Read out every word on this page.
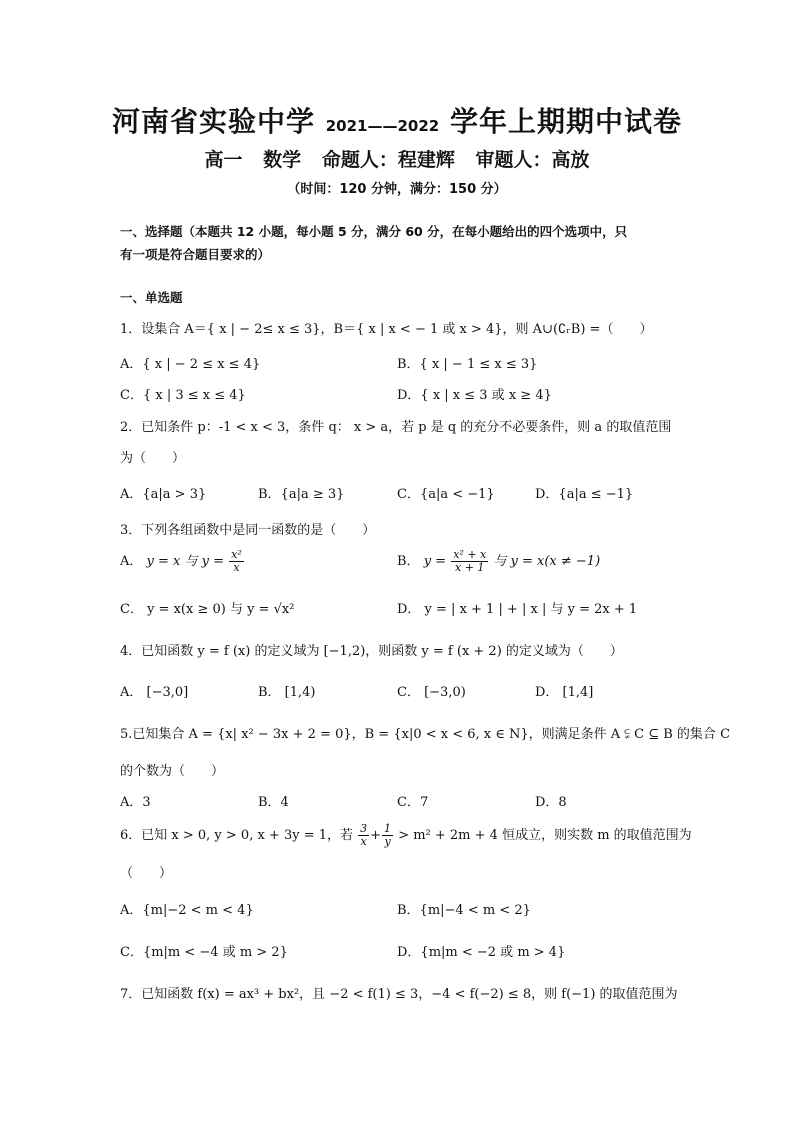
河南省实验中学 2021——2022 学年上期期中试卷
高一 数学 命题人：程建辉 审题人：高放
（时间：120 分钟，满分：150 分）
一、选择题（本题共 12 小题，每小题 5 分，满分 60 分，在每小题给出的四个选项中，只
有一项是符合题目要求的）
一、单选题
1．设集合 A＝{ x | − 2≤ x ≤ 3}，B＝{ x | x < − 1 或 x > 4}，则 A∪(∁ᵣB) =（　　）
A．{ x | − 2 ≤ x ≤ 4}	B．{ x | − 1 ≤ x ≤ 3}
C．{ x | 3 ≤ x ≤ 4}	D．{ x | x ≤ 3 或 x ≥ 4}
2．已知条件 p：-1 < x < 3，条件 q： x > a，若 p 是 q 的充分不必要条件，则 a 的取值范围
为（　　）
A．{a|a > 3}	B．{a|a ≥ 3}	C．{a|a < −1}	D．{a|a ≤ −1}
3．下列各组函数中是同一函数的是（　　）
A． y = x 与 $y = \frac{\text{x²}}{x}$	B． $y = \frac{\text{x² + x}}{x + 1}$ 与 y = x(x ≠ −1)
C． y = x(x ≥ 0) 与 y = √x²	D． y = | x + 1 | + | x | 与 y = 2x + 1
4．已知函数 y = f (x) 的定义域为 [−1,2)，则函数 y = f (x + 2) 的定义域为（　　）
A． [−3,0]	B． [1,4)	C． [−3,0)	D． [1,4]
5.已知集合 A = {x| x² − 3x + 2 = 0}，B = {x|0 < x < 6, x ∈ N}，则满足条件 A ⫋ C ⊆ B 的集合 C
的个数为（　　）
A．3	B．4	C．7	D．8
6．已知 x > 0, y > 0, x + 3y = 1，若 $\frac{3}{x} + \frac{1}{y} > m^2 + 2m + 4$ 恒成立，则实数 m 的取值范围为
（　　）
A．{m|−2 < m < 4}	B．{m|−4 < m < 2}
C．{m|m < −4 或 m > 2}	D．{m|m < −2 或 m > 4}
7．已知函数 f(x) = ax³ + bx²，且 −2 < f(1) ≤ 3，−4 < f(−2) ≤ 8，则 f(−1) 的取值范围为
